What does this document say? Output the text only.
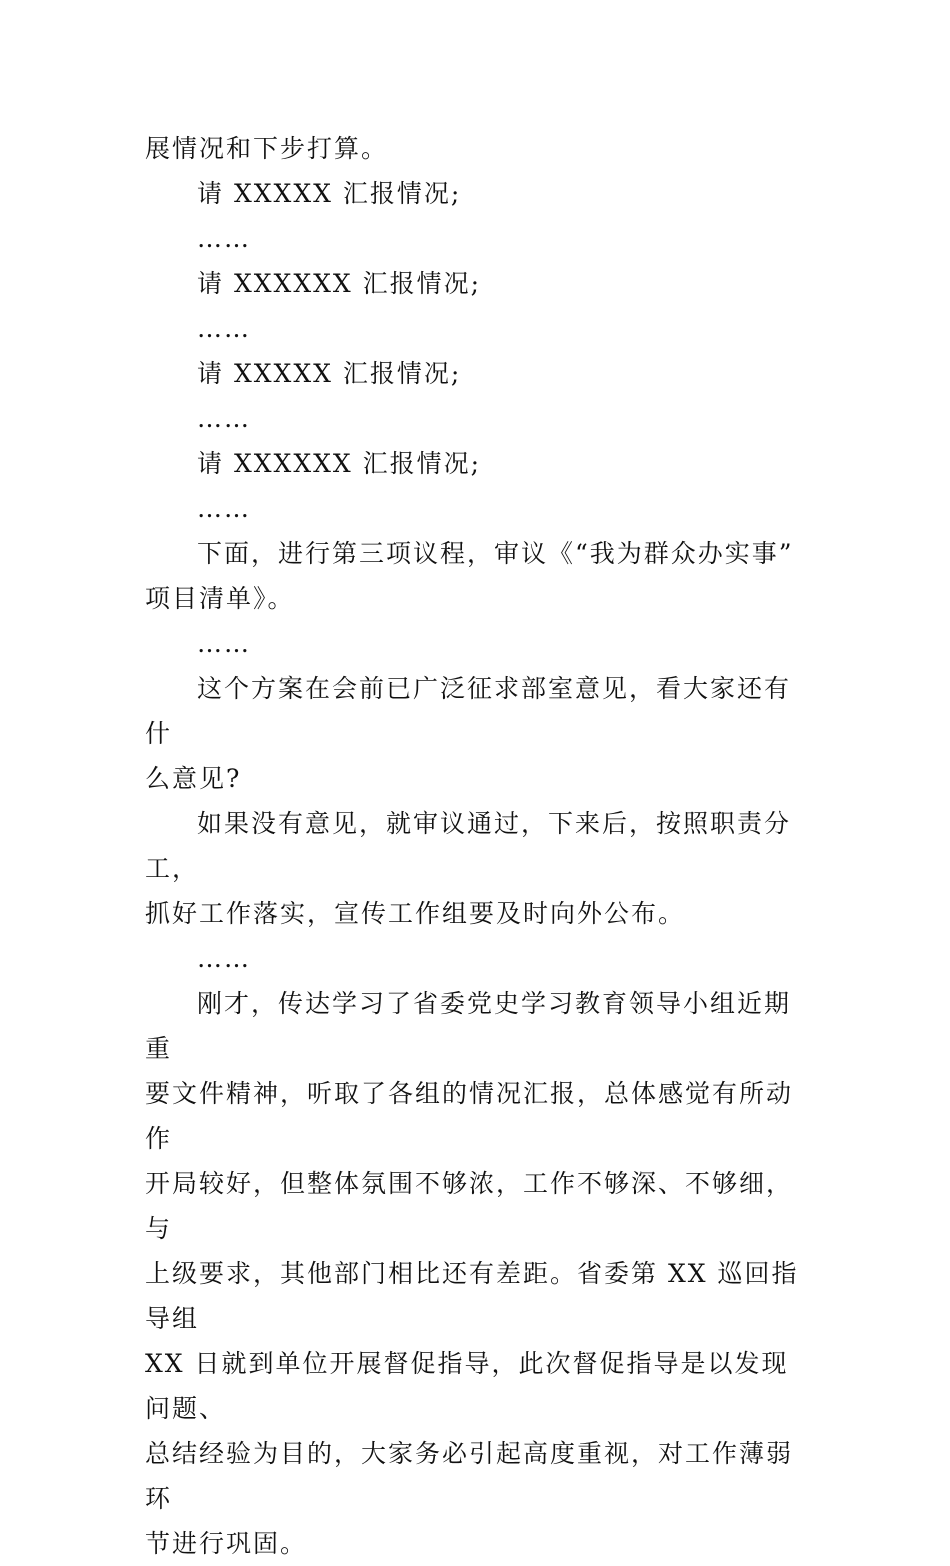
展情况和下步打算。
请 XXXXX 汇报情况;
……
请 XXXXXX 汇报情况;
……
请 XXXXX 汇报情况;
……
请 XXXXXX 汇报情况;
……
下面，进行第三项议程，审议《“我为群众办实事”
项目清单》。
……
这个方案在会前已广泛征求部室意见，看大家还有什
么意见?
如果没有意见，就审议通过，下来后，按照职责分工，
抓好工作落实，宣传工作组要及时向外公布。
……
刚才，传达学习了省委党史学习教育领导小组近期重
要文件精神，听取了各组的情况汇报，总体感觉有所动作
开局较好，但整体氛围不够浓，工作不够深、不够细，与
上级要求，其他部门相比还有差距。省委第 XX 巡回指导组
XX 日就到单位开展督促指导，此次督促指导是以发现问题、
总结经验为目的，大家务必引起高度重视，对工作薄弱环
节进行巩固。
